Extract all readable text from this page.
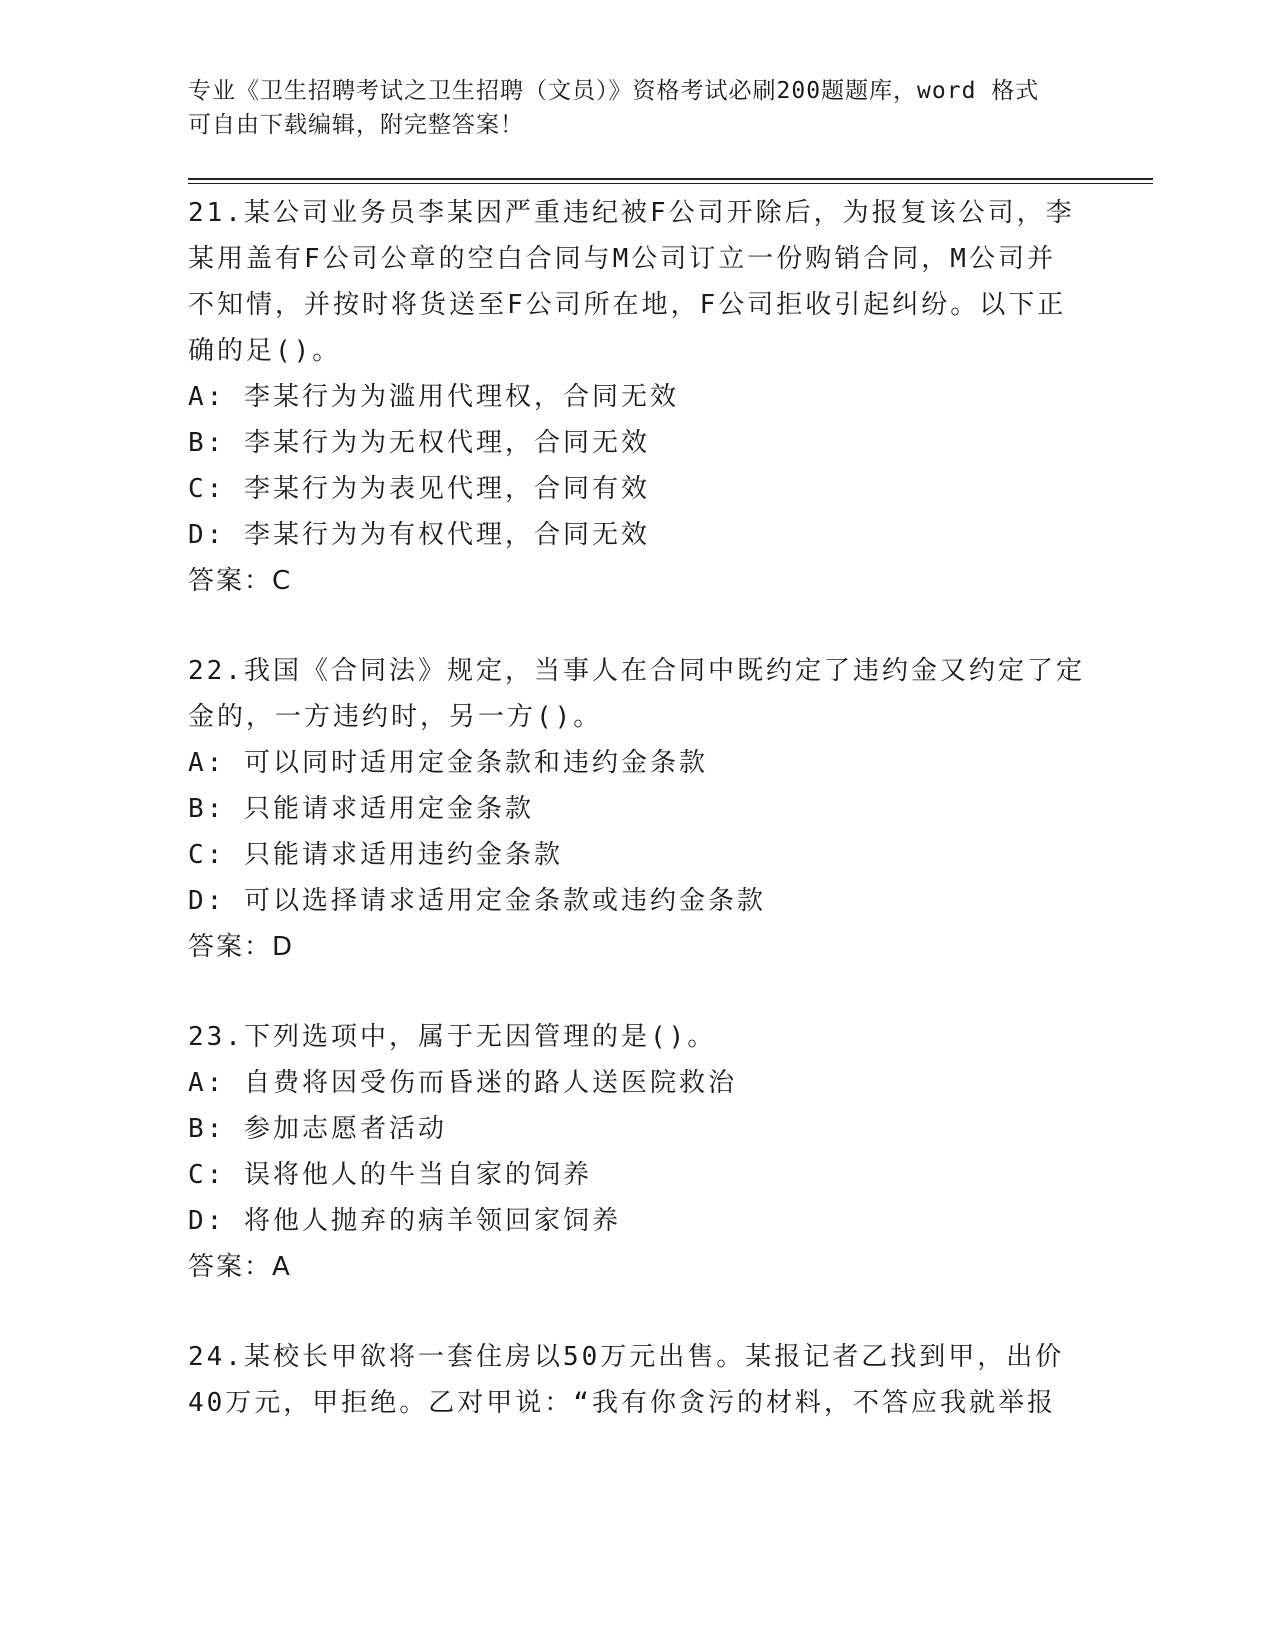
专业《卫生招聘考试之卫生招聘（文员）》资格考试必刷200题题库，word 格式
可自由下载编辑，附完整答案！
21.某公司业务员李某因严重违纪被F公司开除后，为报复该公司，李
某用盖有F公司公章的空白合同与M公司订立一份购销合同，M公司并
不知情，并按时将货送至F公司所在地，F公司拒收引起纠纷。以下正
确的足()。
A: 李某行为为滥用代理权，合同无效
B: 李某行为为无权代理，合同无效
C: 李某行为为表见代理，合同有效
D: 李某行为为有权代理，合同无效
答案：C
22.我国《合同法》规定，当事人在合同中既约定了违约金又约定了定
金的，一方违约时，另一方()。
A: 可以同时适用定金条款和违约金条款
B: 只能请求适用定金条款
C: 只能请求适用违约金条款
D: 可以选择请求适用定金条款或违约金条款
答案：D
23.下列选项中，属于无因管理的是()。
A: 自费将因受伤而昏迷的路人送医院救治
B: 参加志愿者活动
C: 误将他人的牛当自家的饲养
D: 将他人抛弃的病羊领回家饲养
答案：A
24.某校长甲欲将一套住房以50万元出售。某报记者乙找到甲，出价
40万元，甲拒绝。乙对甲说：“我有你贪污的材料，不答应我就举报
